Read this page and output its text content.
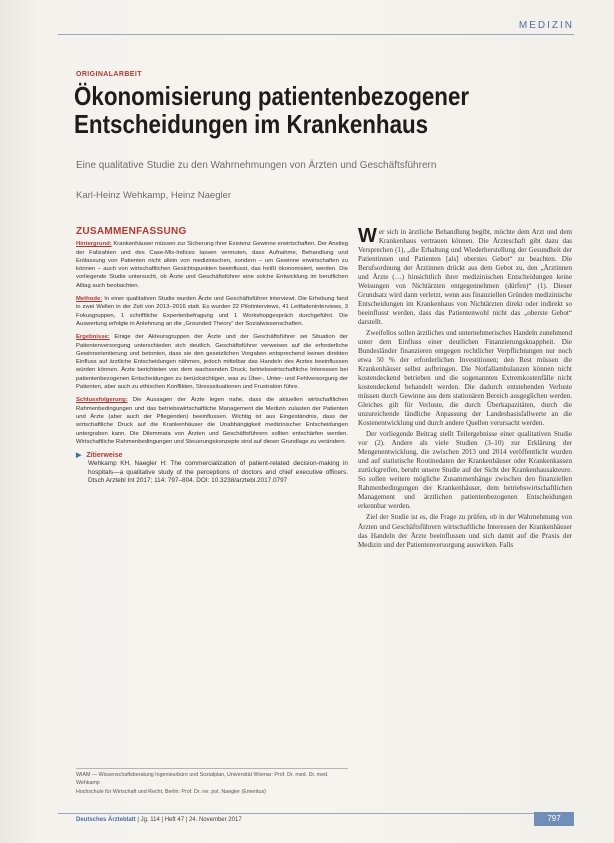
MEDIZIN
ORIGINALARBEIT
Ökonomisierung patientenbezogener Entscheidungen im Krankenhaus
Eine qualitative Studie zu den Wahrnehmungen von Ärzten und Geschäftsführern
Karl-Heinz Wehkamp, Heinz Naegler
ZUSAMMENFASSUNG

Hintergrund: Krankenhäuser müssen zur Sicherung ihrer Existenz Gewinne erwirtschaften. Der Anstieg der Fallzahlen und des Case-Mix-Indices lassen vermuten, dass Aufnahme, Behandlung und Entlassung von Patienten nicht allein von medizinischen, sondern – um Gewinne erwirtschaften zu können – auch von wirtschaftlichen Gesichtspunkten beeinflusst, das heißt ökonomisiert, werden. Die vorliegende Studie untersucht, ob Ärzte und Geschäftsführer eine solche Entwicklung im beruflichen Alltag auch beobachten.

Methode: In einer qualitativen Studie wurden Ärzte und Geschäftsführer interviewt. Die Erhebung fand in zwei Wellen in der Zeit von 2013–2016 statt. Es wurden 22 Pilotinterviews, 41 Leitfadeninterviews, 3 Fokusgruppen, 1 schriftliche Expertenbefragung und 1 Workshopgespräch durchgeführt. Die Auswertung erfolgte in Anlehnung an die „Grounded Theory“ der Sozialwissenschaften.

Ergebnisse: Einige der Akteursgruppen der Ärzte und der Geschäftsführer sei Situation der Patientenversorgung unterschieden sich deutlich. Geschäftsführer verweisen auf die erforderliche Gewinnorientierung und betonten, dass sie den gesetzlichen Vorgaben entsprechend keinen direkten Einfluss auf ärztliche Entscheidungen nähmen, jedoch mittelbar das Handeln des Arztes beeinflussen würden können. Ärzte berichteten von dem wachsenden Druck, betriebswirtschaftliche Interessen bei patientenbezogenen Entscheidungen zu berücksichtigen, was zu Über-, Unter- und Fehlversorgung der Patienten, aber auch zu ethischen Konflikten, Stresssituationen und Frustration führe.

Schlussfolgerung: Die Aussagen der Ärzte legen nahe, dass die aktuellen wirtschaftlichen Rahmenbedingungen und das betriebswirtschaftliche Management die Medizin zulasten der Patienten und Ärzte (aber auch der Pflegenden) beeinflussen. Wichtig ist aus Eingeständnis, dass der wirtschaftliche Druck auf die Krankenhäuser die Unabhängigkeit medizinischer Entscheidungen untergraben kann. Die Dilemmata von Ärzten und Geschäftsführern sollten entschärfen werden. Wirtschaftliche Rahmenbedingungen und Steuerungskonzepte sind auf dieser Grundlage zu verändern.

▶ Zitierweise
Wehkamp KH, Naegler H: The commercialization of patient-related decision-making in hospitals—a qualitative study of the perceptions of doctors and chief executive officers. Dtsch Arztebl Int 2017; 114: 797–804. DOI: 10.3238/arztebl.2017.0797

Wer sich in ärztliche Behandlung begibt, möchte dem Arzt und dem Krankenhaus vertrauen können. Die Ärzteschaft gibt dazu das Versprechen (1), „die Erhaltung und Wiederherstellung der Gesundheit der Patientinnen und Patienten [als] oberstes Gebot“ zu beachten. Die Berufsordnung der Ärztinnen drückt aus dem Gebot zu, den „Ärztinnen und Ärzte (…) hinsichtlich ihrer medizinischen Entscheidungen keine Weisungen von Nichtärzten entgegennehmen (dürfen)“ (1). Dieser Grundsatz wird dann verletzt, wenn aus finanziellen Gründen medizinische Entscheidungen im Krankenhaus von Nichtärzten direkt oder indirekt so beeinflusst werden, dass das Patientenwohl nicht das „oberste Gebot“ darstellt.

Zweifellos sollen ärztliches und unternehmerisches Handeln zunehmend unter dem Einfluss einer deutlichen Finanzierungsknappheit. Die Bundesländer finanzieren entgegen rechtlicher Verpflichtungen nur noch etwa 50 % der erforderlichen Investitionen; den Rest müssen die Krankenhäuser selbst aufbringen. Die Notfallambulanzen können nicht kostendeckend betrieben und die sogenannten Extremkostenfälle nicht kostendeckend behandelt werden. Die dadurch entstehenden Verluste müssen durch Gewinne aus dem stationären Bereich ausgeglichen werden. Gleiches gilt für Verluste, die durch Überkapazitäten, durch die unzureichende ländliche Anpassung der Landesbasisfallwerte an die Kostenentwicklung und durch andere Quellen verursacht werden.

Der vorliegende Beitrag stellt Teilergebnisse einer qualitativen Studie vor (2). Andere als viele Studien (3–10) zur Erklärung der Mengenentwicklung, die zwischen 2013 und 2014 veröffentlicht wurden und auf statistische Routinedaten der Krankenhäuser oder Krankenkassen zurückgreifen, beruht unsere Studie auf der Sicht der Krankenhausakteure. So sollen weitere mögliche Zusammenhänge zwischen den finanziellen Rahmenbedingungen der Krankenhäuser, dem betriebswirtschaftlichen Management und ärztlichen patientenbezogenen Entscheidungen erkennbar werden.

Ziel der Studie ist es, die Frage zu prüfen, ob in der Wahrnehmung von Ärzten und Geschäftsführern wirtschaftliche Interessen der Krankenhäuser das Handeln der Ärzte beeinflussen und sich damit auf die Praxis der Medizin und der Patientenversorgung auswirken. Falls

WIAM — Wissenschaftsberatung Ingenieurbüro und Sozialplan, Universität Wismar: Prof. Dr. med. Dr. med. Wehkamp

Hochschule für Wirtschaft und Recht, Berlin: Prof. Dr. rer. pol. Naegler (Emeritus)

Deutsches Ärzteblatt | Jg. 114 | Heft 47 | 24. November 2017	797
